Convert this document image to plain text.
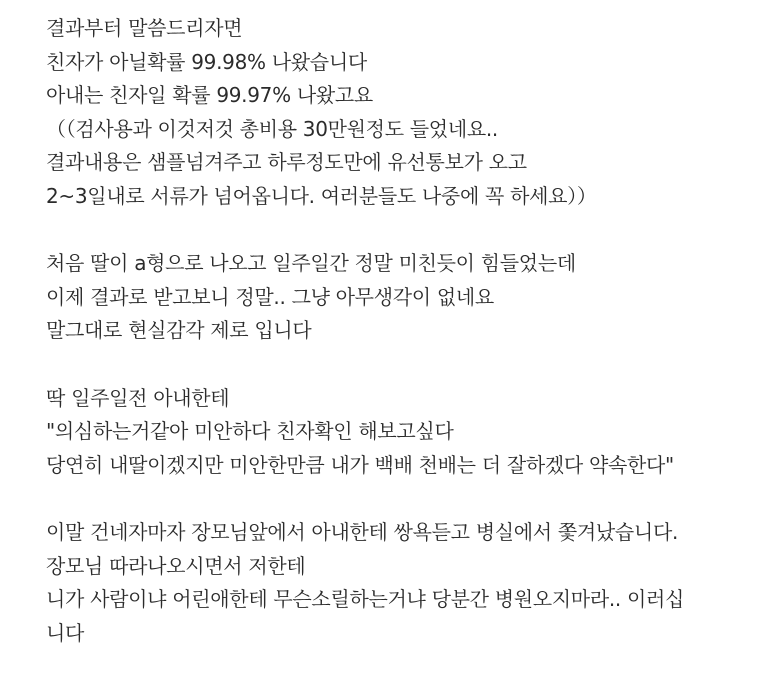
결과부터 말씀드리자면
친자가 아닐확률 99.98% 나왔습니다
아내는 친자일 확률 99.97% 나왔고요
（（검사용과 이것저것 총비용 30만원정도 들었네요..
결과내용은 샘플넘겨주고 하루정도만에 유선통보가 오고
2~3일내로 서류가 넘어옵니다. 여러분들도 나중에 꼭 하세요））
처음 딸이 a형으로 나오고 일주일간 정말 미친듯이 힘들었는데
이제 결과로 받고보니 정말.. 그냥 아무생각이 없네요
말그대로 현실감각 제로 입니다
딱 일주일전 아내한테
"의심하는거같아 미안하다 친자확인 해보고싶다
당연히 내딸이겠지만 미안한만큼 내가 백배 천배는 더 잘하겠다 약속한다"
이말 건네자마자 장모님앞에서 아내한테 쌍욕듣고 병실에서 쫓겨났습니다.
장모님 따라나오시면서 저한테
니가 사람이냐 어린애한테 무슨소릴하는거냐 당분간 병원오지마라.. 이러십
니다
